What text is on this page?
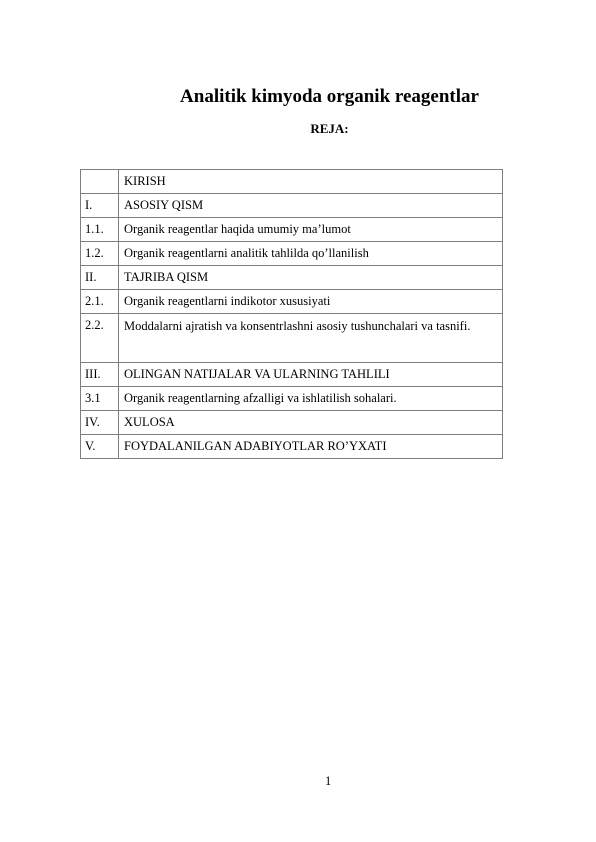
Analitik kimyoda organik reagentlar
REJA:
	KIRISH
I.	ASOSIY QISM
1.1.	Organik reagentlar haqida umumiy ma’lumot
1.2.	Organik reagentlarni analitik tahlilda qo’llanilish
II.	TAJRIBA QISM
2.1.	Organik reagentlarni indikotor xususiyati
2.2.	Moddalarni ajratish va konsentrlashni asosiy tushunchalari va tasnifi.
III.	OLINGAN NATIJALAR VA ULARNING TAHLILI
3.1	Organik reagentlarning afzalligi va ishlatilish sohalari.
IV.	XULOSA
V.	FOYDALANILGAN ADABIYOTLAR RO’YXATI
1
